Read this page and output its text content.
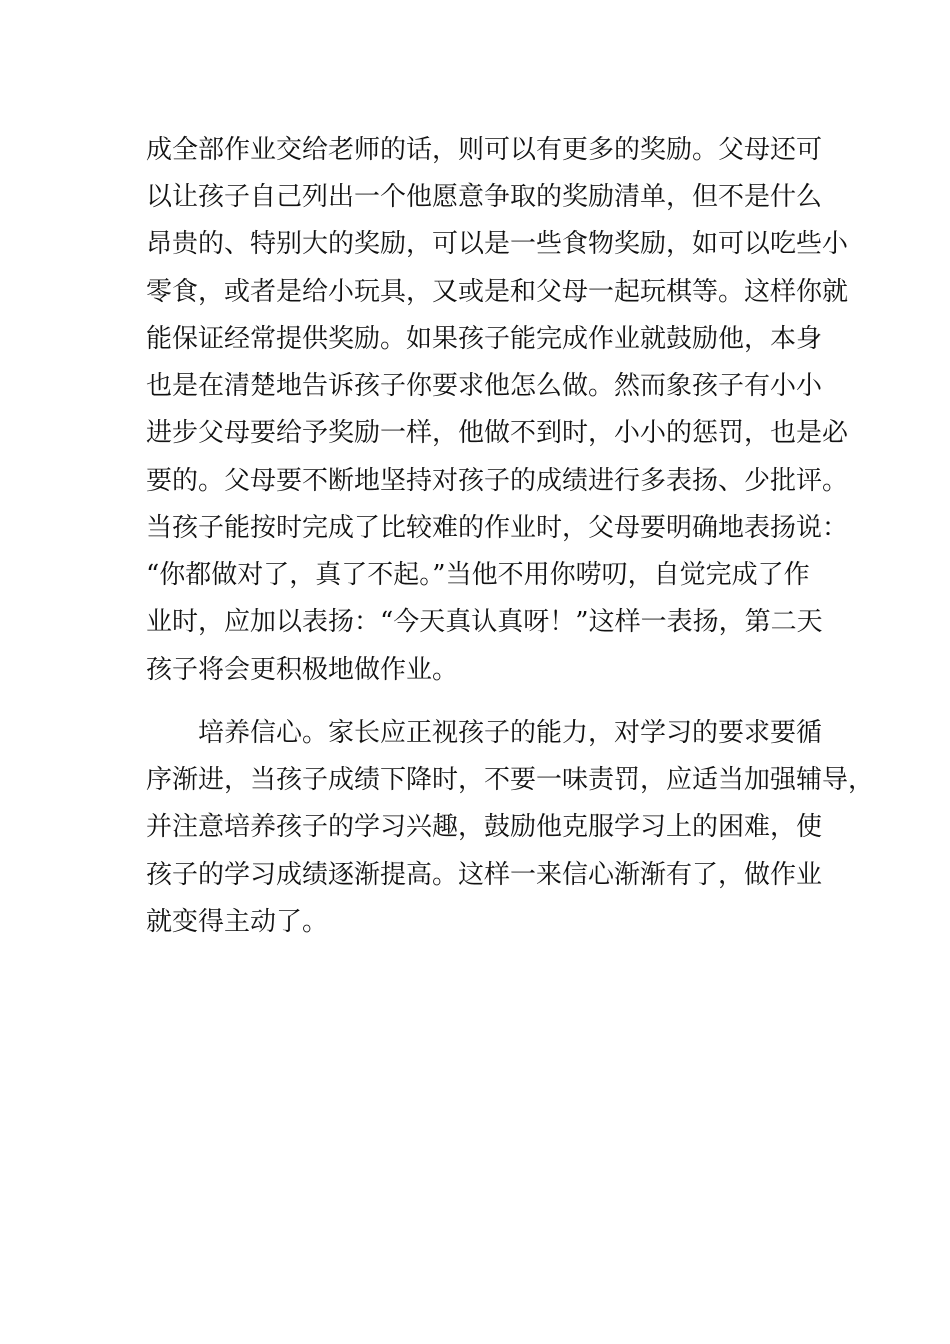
成全部作业交给老师的话，则可以有更多的奖励。父母还可
以让孩子自己列出一个他愿意争取的奖励清单，但不是什么
昂贵的、特别大的奖励，可以是一些食物奖励，如可以吃些小
零食，或者是给小玩具，又或是和父母一起玩棋等。这样你就
能保证经常提供奖励。如果孩子能完成作业就鼓励他，本身
也是在清楚地告诉孩子你要求他怎么做。然而象孩子有小小
进步父母要给予奖励一样，他做不到时，小小的惩罚，也是必
要的。父母要不断地坚持对孩子的成绩进行多表扬、少批评。
当孩子能按时完成了比较难的作业时，父母要明确地表扬说：
“你都做对了，真了不起。”当他不用你唠叨，自觉完成了作
业时，应加以表扬：“今天真认真呀！”这样一表扬，第二天
孩子将会更积极地做作业。
培养信心。家长应正视孩子的能力，对学习的要求要循
序渐进，当孩子成绩下降时，不要一味责罚，应适当加强辅导，
并注意培养孩子的学习兴趣，鼓励他克服学习上的困难，使
孩子的学习成绩逐渐提高。这样一来信心渐渐有了，做作业
就变得主动了。
